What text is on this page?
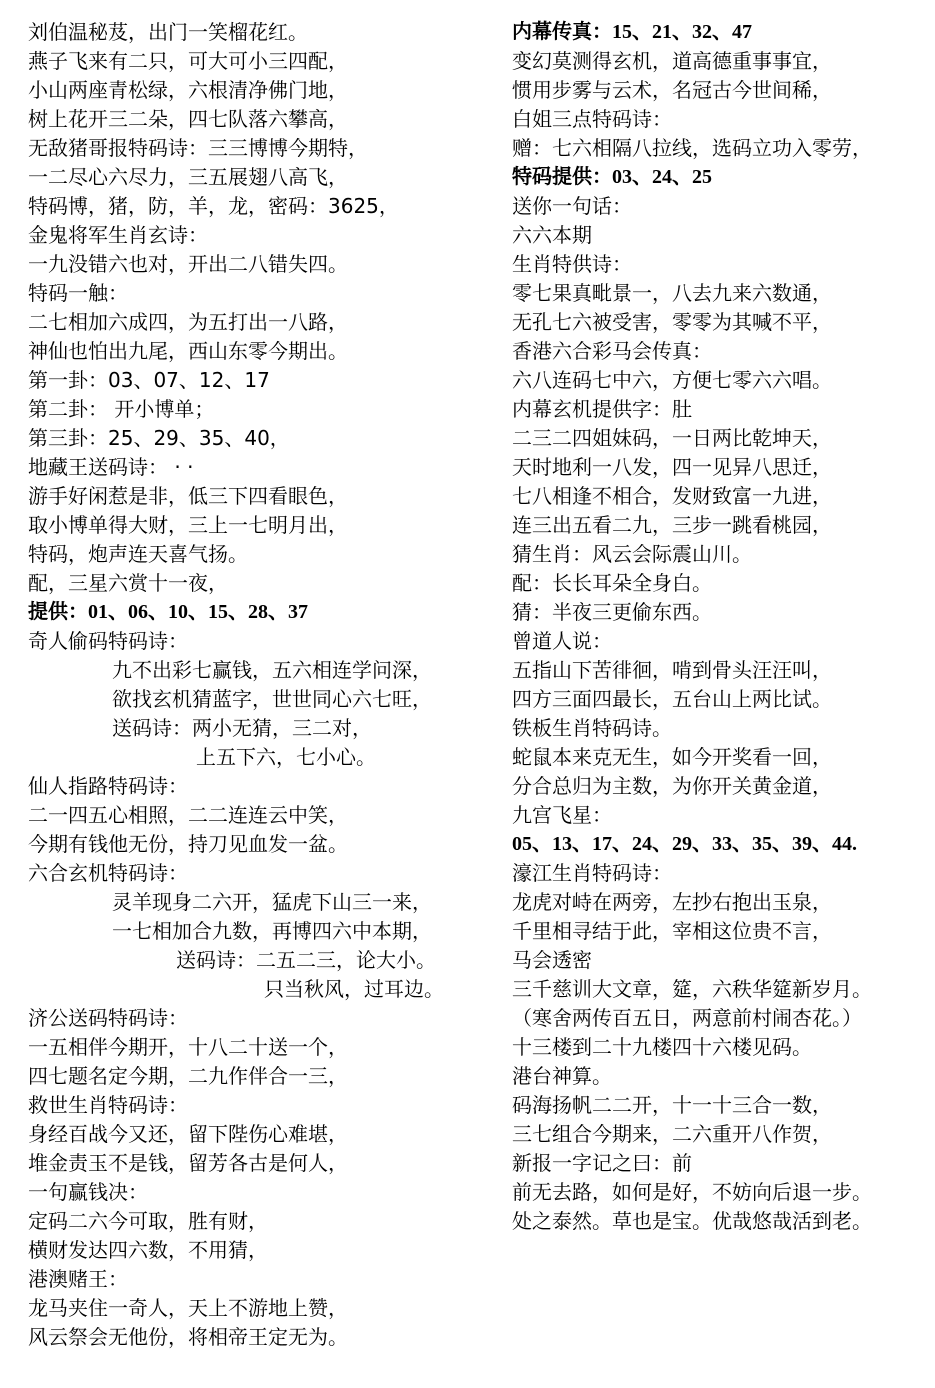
刘伯温秘芨，出门一笑榴花红。
燕子飞来有二只，可大可小三四配，
小山两座青松绿，六根清净佛门地，
树上花开三二朵，四七队落六攀高，
无敌猪哥报特码诗：三三博博今期特，
一二尽心六尽力，三五展翅八高飞，
特码博，猪，防，羊，龙，密码：3625，
金鬼将军生肖玄诗：
一九没错六也对，开出二八错失四。
特码一触：
二七相加六成四，为五打出一八路，
神仙也怕出九尾，西山东零今期出。
第一卦：03、07、12、17
第二卦： 开小博单；
第三卦：25、29、35、40，
地藏王送码诗： · ·
游手好闲惹是非，低三下四看眼色，
取小博单得大财，三上一七明月出，
特码，炮声连天喜气扬。
配，三星六赏十一夜，
提供：01、06、10、15、28、37
奇人偷码特码诗：
九不出彩七赢钱，五六相连学问深，
欲找玄机猜蓝字，世世同心六七旺，
送码诗：两小无猜，三二对，
上五下六，七小心。
仙人指路特码诗：
二一四五心相照，二二连连云中笑，
今期有钱他无份，持刀见血发一盆。
六合玄机特码诗：
灵羊现身二六开，猛虎下山三一来，
一七相加合九数，再博四六中本期，
送码诗：二五二三，论大小。
只当秋风，过耳边。
济公送码特码诗：
一五相伴今期开，十八二十送一个，
四七题名定今期，二九作伴合一三，
救世生肖特码诗：
身经百战今又还，留下陛伤心难堪，
堆金责玉不是钱，留芳各古是何人，
一句赢钱决：
定码二六今可取，胜有财，
横财发达四六数，不用猜，
港澳赌王：
龙马夹住一奇人，天上不游地上赞，
风云祭会无他份，将相帝王定无为。
内幕传真：15、21、32、47
变幻莫测得玄机，道高德重事事宜，
惯用步雾与云术，名冠古今世间稀，
白姐三点特码诗：
赠：七六相隔八拉线，选码立功入零劳，
特码提供：03、24、25
送你一句话：
六六本期
生肖特供诗：
零七果真毗景一，八去九来六数通，
无孔七六被受害，零零为其喊不平，
香港六合彩马会传真：
六八连码七中六，方便七零六六唱。
内幕玄机提供字：肚
二三二四姐妹码，一日两比乾坤天，
天时地利一八发，四一见异八思迁，
七八相逢不相合，发财致富一九进，
连三出五看二九，三步一跳看桃园，
猜生肖：风云会际震山川。
配：长长耳朵全身白。
猜：半夜三更偷东西。
曾道人说：
五指山下苦徘徊，啃到骨头汪汪叫，
四方三面四最长，五台山上两比试。
铁板生肖特码诗。
蛇鼠本来克无生，如今开奖看一回，
分合总归为主数，为你开关黄金道，
九宫飞星：
05、13、17、24、29、33、35、39、44.
濠江生肖特码诗：
龙虎对峙在两旁，左抄右抱出玉泉，
千里相寻结于此，宰相这位贵不言，
马会透密
三千慈训大文章，筵，六秩华筵新岁月。
（寒舍两传百五日，两意前村闹杏花。）
十三楼到二十九楼四十六楼见码。
港台神算。
码海扬帆二二开，十一十三合一数，
三七组合今期来，二六重开八作贺，
新报一字记之曰：前
前无去路，如何是好，不妨向后退一步。
处之泰然。草也是宝。优哉悠哉活到老。
